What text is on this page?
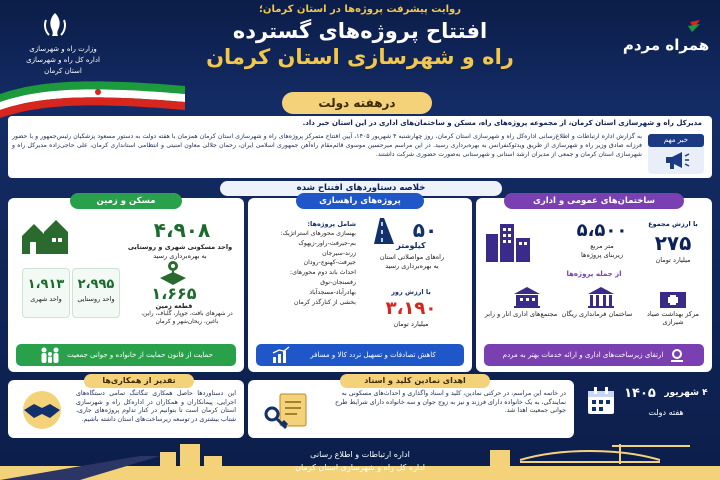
وزارت راه و شهرسازی
اداره کل راه و شهرسازی
استان کرمان
همراه مردم
روایت پیشرفت پروژه‌ها در استان کرمان؛
افتتاح پروژه‌های گسترده
راه و شهرسازی استان کرمان
درهفته دولت
مدیرکل راه و شهرسازی استان کرمان، از مجموعه پروژه‌های راه، مسکن و ساختمان‌های اداری در این استان خبر داد.
خبر مهم
به گزارش اداره ارتباطات و اطلاع‌رسانی اداره‌کل راه و شهرسازی استان کرمان، روز چهارشنبه ۴ شهریور ۱۴۰۵، آیین افتتاح متمرکز پروژه‌های راه و شهرسازی استان کرمان همزمان با هفته دولت به دستور مسعود پزشکیان رئیس‌جمهور و با حضور فرزانه صادق وزیر راه و شهرسازی از طریق ویدئوکنفرانس به بهره‌برداری رسید. در این مراسم میرحسین موسوی قائم‌مقام راه‌آهن جمهوری اسلامی ایران، رحمان جلالی معاون امنیتی و انتظامی استانداری کرمان، علی حاجی‌زاده مدیرکل راه و شهرسازی استان کرمان و جمعی از مدیران ارشد استانی و شهرستانی به‌صورت حضوری شرکت داشتند.
خلاصه دستاوردهای افتتاح شده
ساختمان‌های عمومی و اداری
با ارزش مجموع
۲۷۵
میلیارد تومان
۵،۵۰۰
متر مربع
زیربنای پروژه‌ها
از جمله پروژه‌ها
مرکز بهداشت صیاد شیرازی
ساختمان فرمانداری ریگان
مجتمع‌های اداری انار و رابر
ارتقای زیرساخت‌های اداری و ارائه خدمات بهتر به مردم
پروژه‌های راهسازی
۵۰
کیلومتر
راه‌های مواصلاتی استان
به بهره‌برداری رسید
با ارزش روز
۳،۱۹۰
میلیارد تومان
شامل پروژه‌ها:
بهسازی محورهای استراتژیک:
بم-جیرفت-راور-زیهوک
زرند-سیرجان
جیرفت-کهنوج-رودان
احداث باند دوم محورهای:
رفسنجان-نوق
بهادرآباد-مسجدآباد
بخشی از کنارگذر کرمان
کاهش تصادفات و تسهیل تردد کالا و مسافر
مسکن و زمین
۴،۹۰۸
واحد مسکونی شهری و روستایی
به بهره‌برداری رسید
۲،۹۹۵
واحد روستایی
۱،۹۱۳
واحد شهری	۱،۶۶۵
قطعه زمین
در شهرهای بافت، جوپار، گلباف، راین، باغین، ریحان‌شهر و کرمان
حمایت از قانون حمایت از خانواده و جوانی جمعیت
۱۴۰۵ ۴ شهریور
هفته دولت
اهدای نمادین کلید و اسناد
در خاتمه این مراسم، در حرکتی نمادین، کلید و اسناد واگذاری و احداث‌های مسکونی به نمایندگی، به یک خانواده دارای فرزند و نیز به زوج جوان و سه خانواده دارای شرایط طرح جوانی جمعیت اهدا شد.
تقدیر از همکاری‌ها
این دستاوردها حاصل همکاری تنگاتنگ تمامی دستگاه‌های اجرایی، پیمانکاران و همکاران در اداره‌کل راه و شهرسازی استان کرمان است تا بتوانیم در کنار تداوم پروژه‌های جاری، شتاب بیشتری در توسعه زیرساخت‌های استان داشته باشیم.
اداره ارتباطات و اطلاع رسانی
اداره کل راه و شهرسازی استان کرمان
